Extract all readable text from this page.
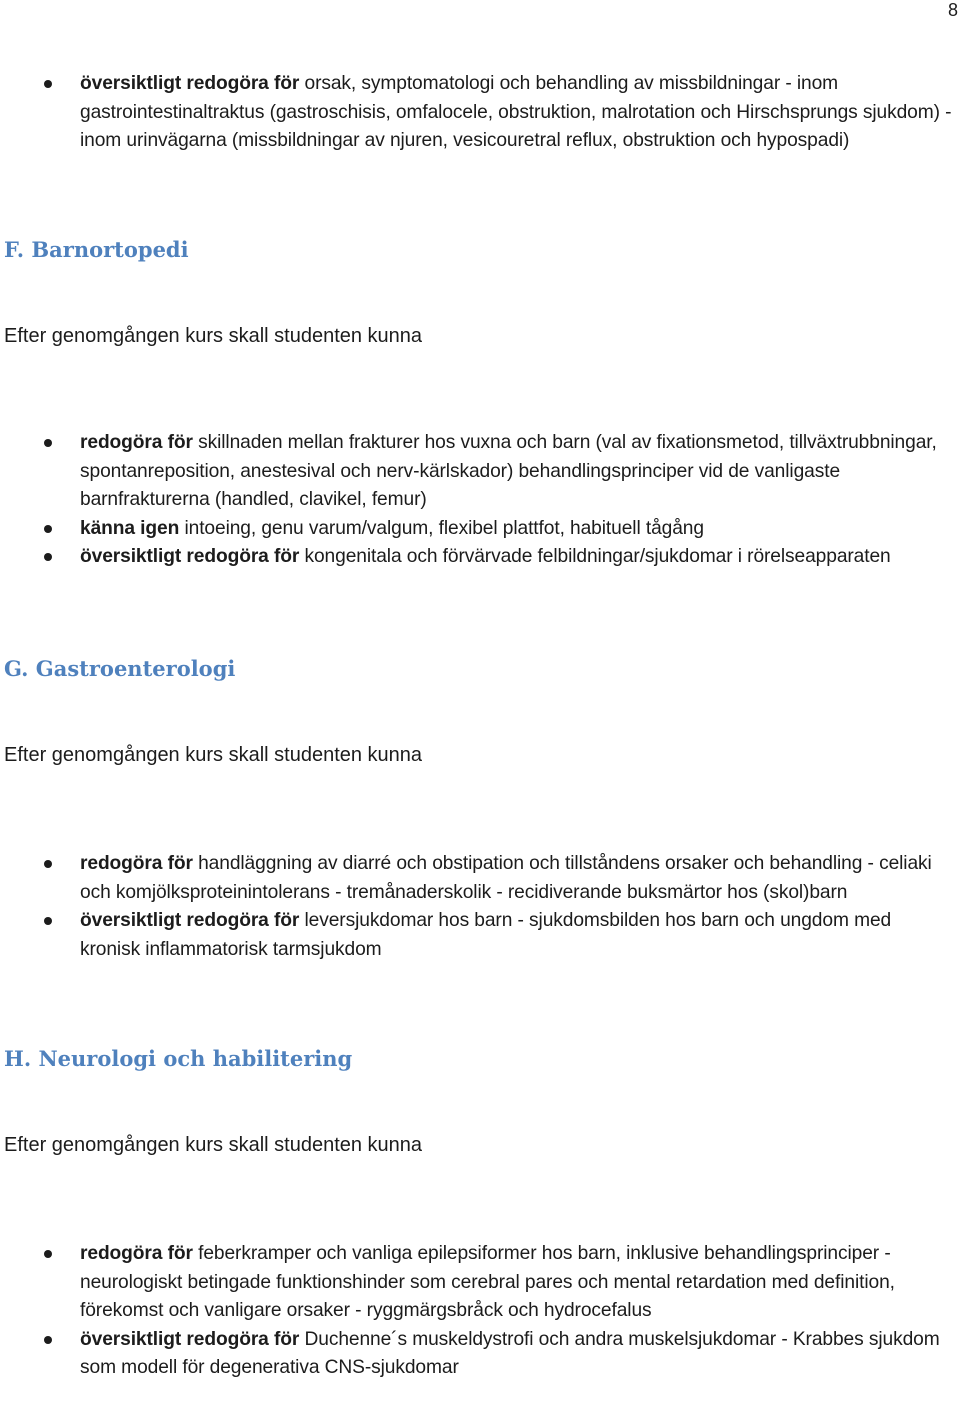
8
översiktligt redogöra för orsak, symptomatologi och behandling av missbildningar - inom gastrointestinaltraktus (gastroschisis, omfalocele, obstruktion, malrotation och Hirschsprungs sjukdom) - inom urinvägarna (missbildningar av njuren, vesicouretral reflux, obstruktion och hypospadi)
F. Barnortopedi

Efter genomgången kurs skall studenten kunna

redogöra för skillnaden mellan frakturer hos vuxna och barn (val av fixationsmetod, tillväxtrubbningar, spontanreposition, anestesival och nerv-kärlskador) behandlingsprinciper vid de vanligaste barnfrakturerna (handled, clavikel, femur)
känna igen intoeing, genu varum/valgum, flexibel plattfot, habituell tågång
översiktligt redogöra för kongenitala och förvärvade felbildningar/sjukdomar i rörelseapparaten
G. Gastroenterologi

Efter genomgången kurs skall studenten kunna

redogöra för handläggning av diarré och obstipation och tillståndens orsaker och behandling - celiaki och komjölksproteinintolerans - tremånaderskolik - recidiverande buksmärtor hos (skol)barn
översiktligt redogöra för leversjukdomar hos barn - sjukdomsbilden hos barn och ungdom med kronisk inflammatorisk tarmsjukdom
H. Neurologi och habilitering

Efter genomgången kurs skall studenten kunna

redogöra för feberkramper och vanliga epilepsiformer hos barn, inklusive behandlingsprinciper - neurologiskt betingade funktionshinder som cerebral pares och mental retardation med definition, förekomst och vanligare orsaker - ryggmärgsbråck och hydrocefalus
översiktligt redogöra för Duchenne´s muskeldystrofi och andra muskelsjukdomar - Krabbes sjukdom som modell för degenerativa CNS-sjukdomar
